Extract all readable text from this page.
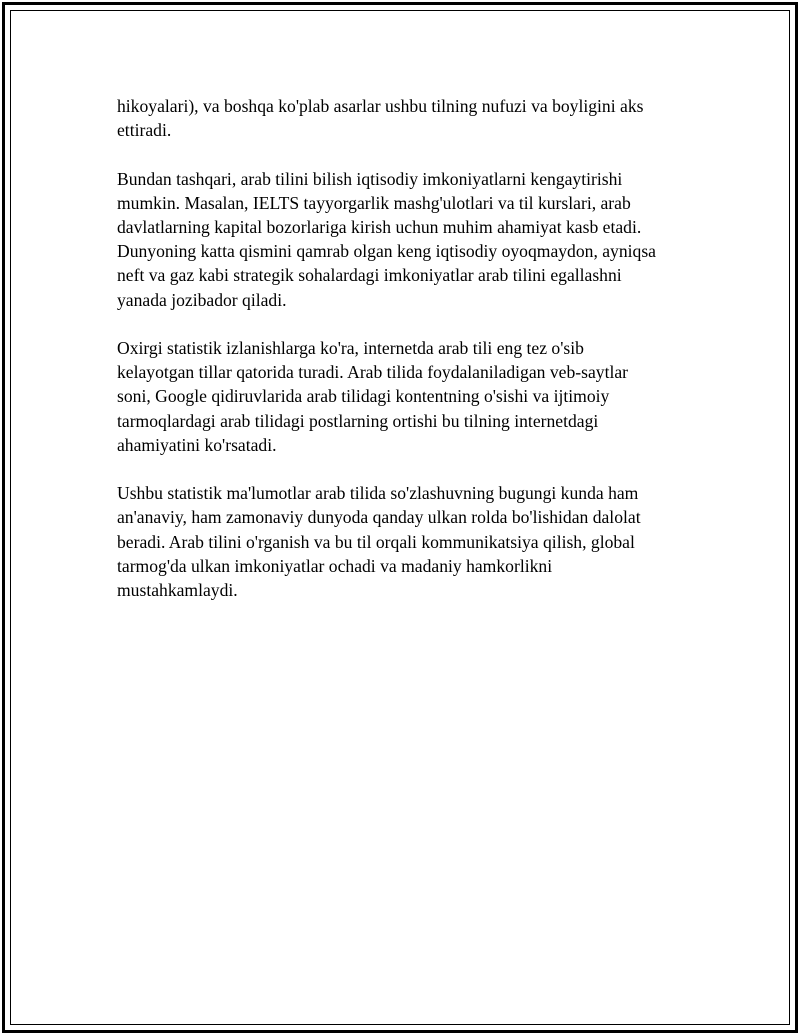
hikoyalari), va boshqa ko'plab asarlar ushbu tilning nufuzi va boyligini aks
ettiradi.

Bundan tashqari, arab tilini bilish iqtisodiy imkoniyatlarni kengaytirishi
mumkin. Masalan, IELTS tayyorgarlik mashg'ulotlari va til kurslari, arab
davlatlarning kapital bozorlariga kirish uchun muhim ahamiyat kasb etadi.
Dunyoning katta qismini qamrab olgan keng iqtisodiy oyoqmaydon, ayniqsa
neft va gaz kabi strategik sohalardagi imkoniyatlar arab tilini egallashni
yanada jozibador qiladi.

Oxirgi statistik izlanishlarga ko'ra, internetda arab tili eng tez o'sib
kelayotgan tillar qatorida turadi. Arab tilida foydalaniladigan veb-saytlar
soni, Google qidiruvlarida arab tilidagi kontentning o'sishi va ijtimoiy
tarmoqlardagi arab tilidagi postlarning ortishi bu tilning internetdagi
ahamiyatini ko'rsatadi.

Ushbu statistik ma'lumotlar arab tilida so'zlashuvning bugungi kunda ham
an'anaviy, ham zamonaviy dunyoda qanday ulkan rolda bo'lishidan dalolat
beradi. Arab tilini o'rganish va bu til orqali kommunikatsiya qilish, global
tarmog'da ulkan imkoniyatlar ochadi va madaniy hamkorlikni
mustahkamlaydi.
